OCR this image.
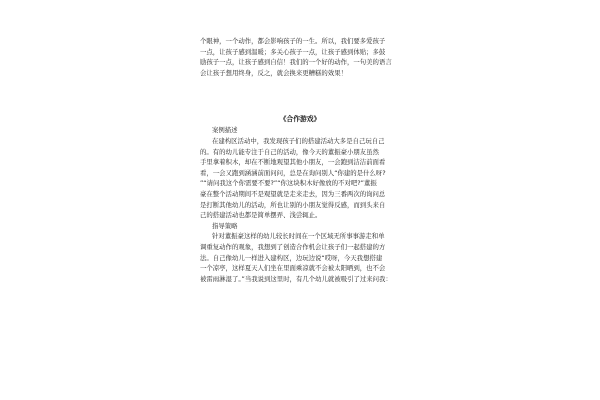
个眼神，一个动作，都会影响孩子的一生。所以，我们要多爱孩子
一点，让孩子感到温暖；多关心孩子一点，让孩子感到体贴；多鼓
励孩子一点，让孩子感到自信！我们的一个好的动作，一句美的语言
会让孩子想用终身，反之，就会换来更糟糕的效果！
《合作游戏》
案例描述
在建构区活动中，我发现孩子们的搭建活动大多是自己玩自己
的。有的幼儿能专注于自己的活动，像今天的董振豪小朋友虽然
手里拿着积木，却在不断地观望其他小朋友，一会跑到洁洁前面看
看，一会又跑到涵涵前面问问，总是在询问别人“你建的是什么呀?
”“请问我这个你需要不要?”“你这块积木好像放的不对吧?”董振
豪在整个活动期间不是观望就是走来走去，因为三番两次的询问总
是打断其他幼儿的活动，所也让别的小朋友觉得反感，而到头来自
己的搭建活动也都是简单摆弄、浅尝辄止。
指导策略
针对董振豪这样的幼儿较长时间在一个区域无所事事游走和单
调重复动作的观象，我想到了创造合作机会让孩子们一起搭建的方
法。自己像幼儿一样进入建构区，边玩边说“哎呀，今天我想搭建
一个凉亭，这样夏天人们坐在里面乘凉就不会被太阳晒到，也不会
被雷雨淋湿了。”当我说到这里时，有几个幼儿就被吸引了过来问我：
